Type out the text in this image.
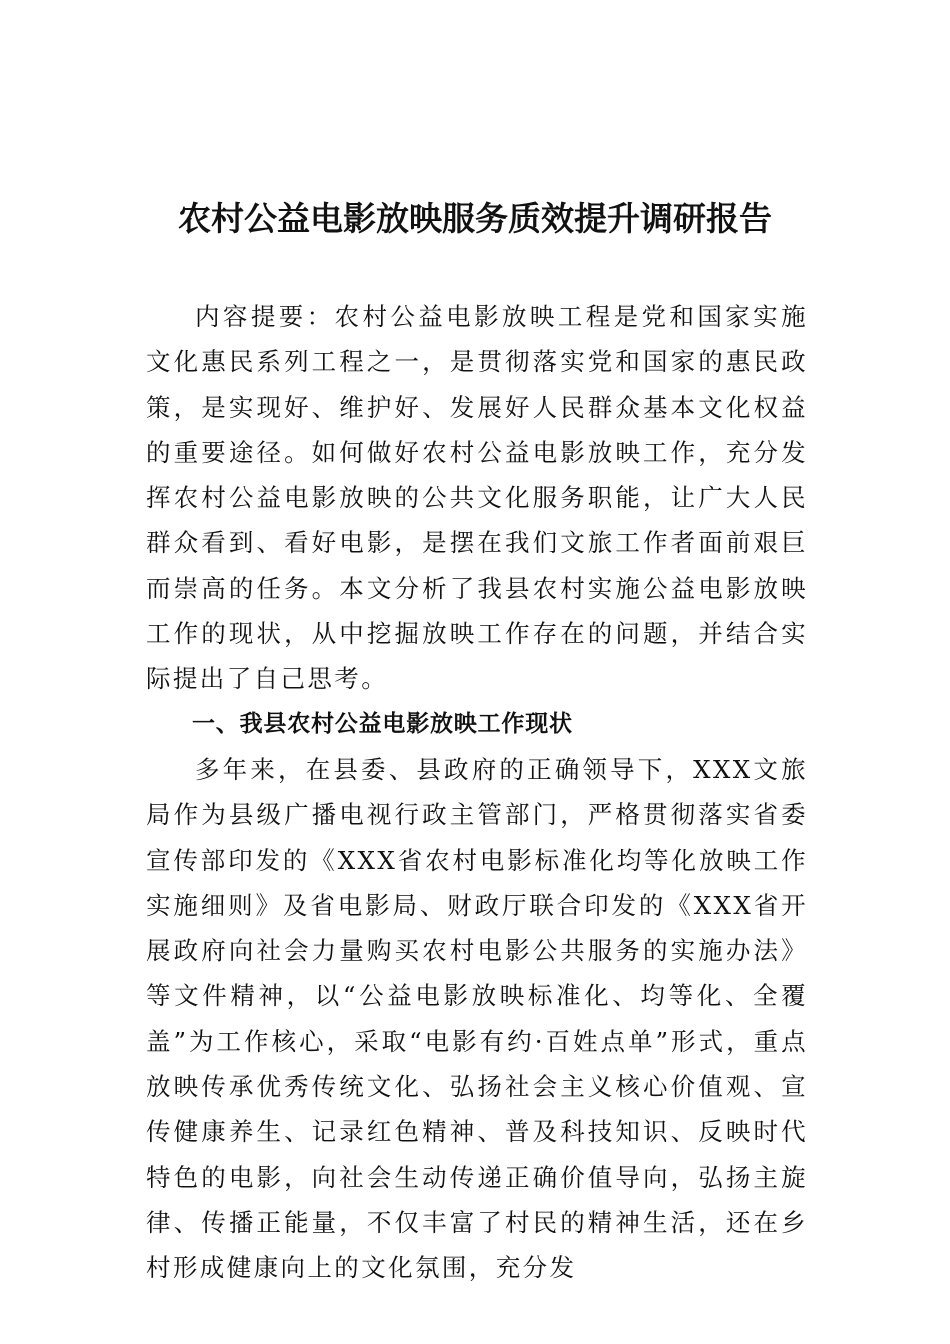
农村公益电影放映服务质效提升调研报告

内容提要：农村公益电影放映工程是党和国家实施文化惠民系列工程之一，是贯彻落实党和国家的惠民政策，是实现好、维护好、发展好人民群众基本文化权益的重要途径。如何做好农村公益电影放映工作，充分发挥农村公益电影放映的公共文化服务职能，让广大人民群众看到、看好电影，是摆在我们文旅工作者面前艰巨而崇高的任务。本文分析了我县农村实施公益电影放映工作的现状，从中挖掘放映工作存在的问题，并结合实际提出了自己思考。

一、我县农村公益电影放映工作现状

多年来，在县委、县政府的正确领导下，XXX文旅局作为县级广播电视行政主管部门，严格贯彻落实省委宣传部印发的《XXX省农村电影标准化均等化放映工作实施细则》及省电影局、财政厅联合印发的《XXX省开展政府向社会力量购买农村电影公共服务的实施办法》等文件精神，以“公益电影放映标准化、均等化、全覆盖”为工作核心，采取“电影有约·百姓点单”形式，重点放映传承优秀传统文化、弘扬社会主义核心价值观、宣传健康养生、记录红色精神、普及科技知识、反映时代特色的电影，向社会生动传递正确价值导向，弘扬主旋律、传播正能量，不仅丰富了村民的精神生活，还在乡村形成健康向上的文化氛围，充分发
